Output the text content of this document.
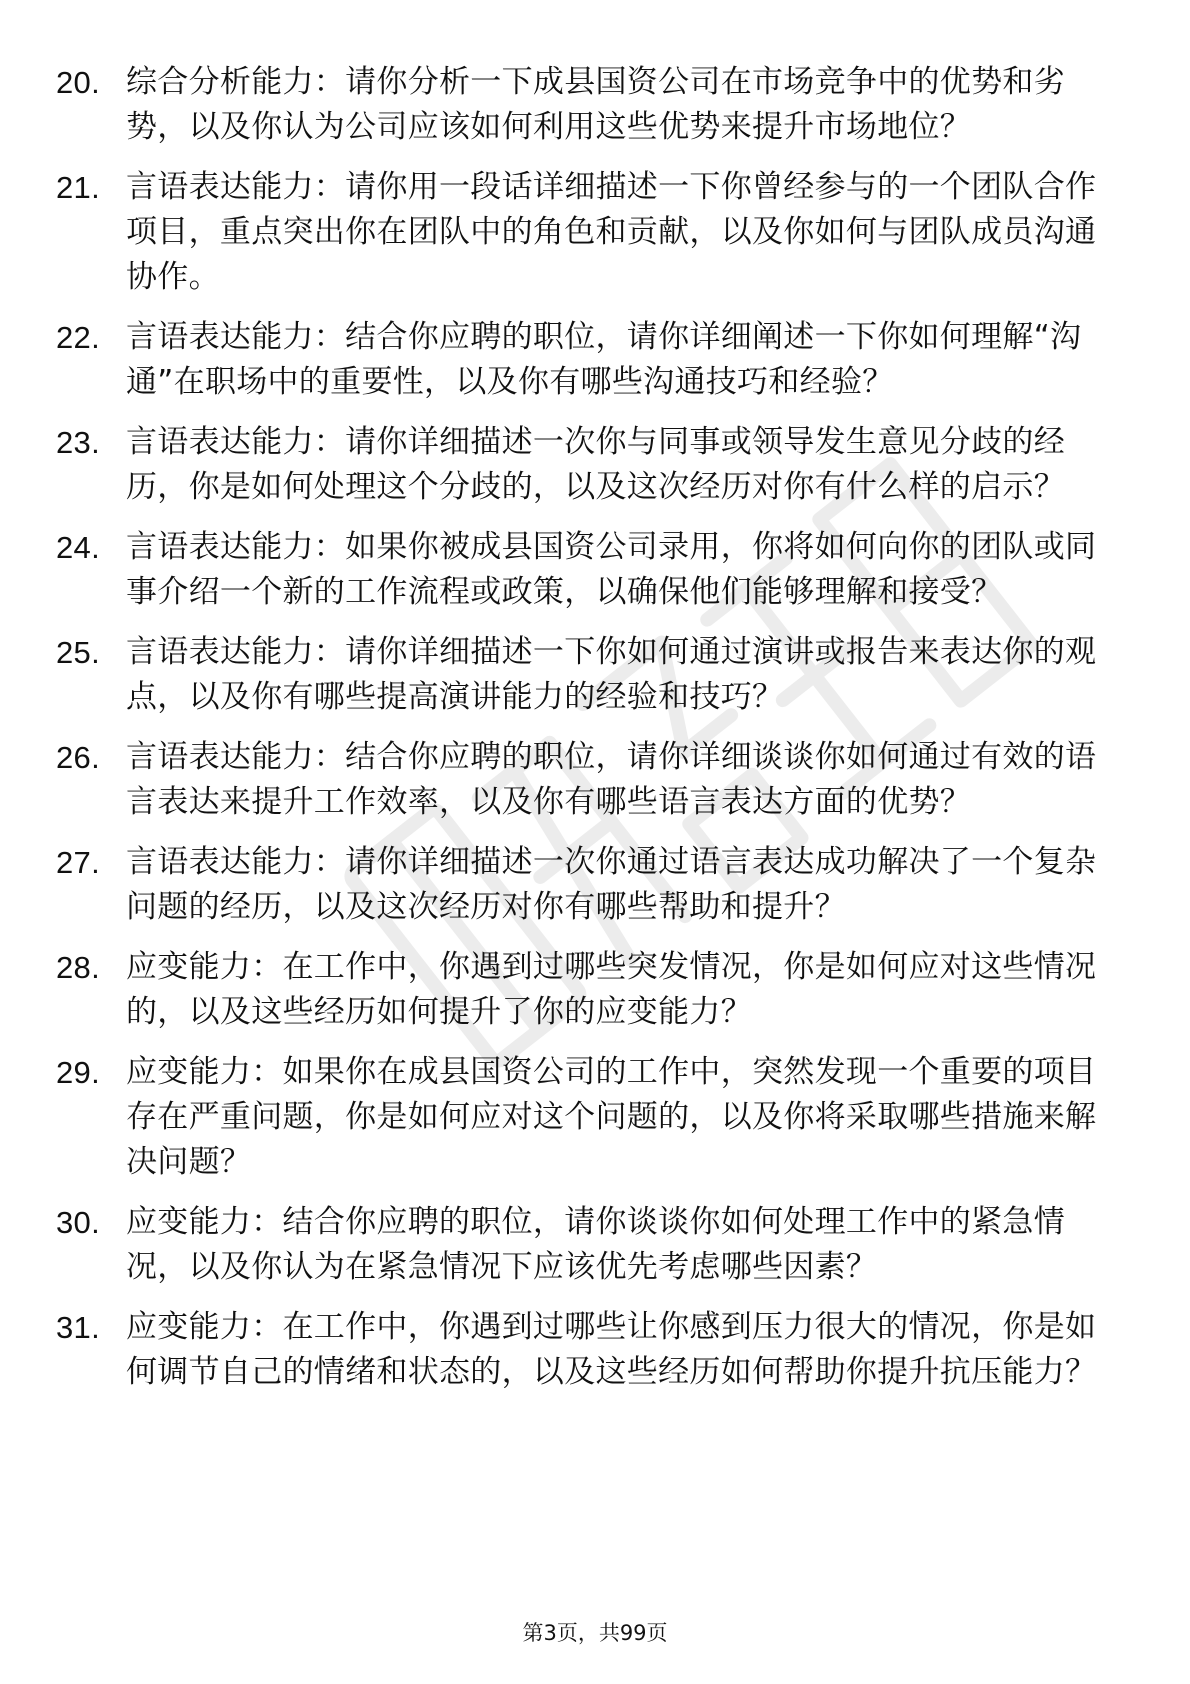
20. 综合分析能力：请你分析一下成县国资公司在市场竞争中的优势和劣势，以及你认为公司应该如何利用这些优势来提升市场地位？
21. 言语表达能力：请你用一段话详细描述一下你曾经参与的一个团队合作项目，重点突出你在团队中的角色和贡献，以及你如何与团队成员沟通协作。
22. 言语表达能力：结合你应聘的职位，请你详细阐述一下你如何理解“沟通”在职场中的重要性，以及你有哪些沟通技巧和经验？
23. 言语表达能力：请你详细描述一次你与同事或领导发生意见分歧的经历，你是如何处理这个分歧的，以及这次经历对你有什么样的启示？
24. 言语表达能力：如果你被成县国资公司录用，你将如何向你的团队或同事介绍一个新的工作流程或政策，以确保他们能够理解和接受？
25. 言语表达能力：请你详细描述一下你如何通过演讲或报告来表达你的观点，以及你有哪些提高演讲能力的经验和技巧？
26. 言语表达能力：结合你应聘的职位，请你详细谈谈你如何通过有效的语言表达来提升工作效率，以及你有哪些语言表达方面的优势？
27. 言语表达能力：请你详细描述一次你通过语言表达成功解决了一个复杂问题的经历，以及这次经历对你有哪些帮助和提升？
28. 应变能力：在工作中，你遇到过哪些突发情况，你是如何应对这些情况的，以及这些经历如何提升了你的应变能力？
29. 应变能力：如果你在成县国资公司的工作中，突然发现一个重要的项目存在严重问题，你是如何应对这个问题的，以及你将采取哪些措施来解决问题？
30. 应变能力：结合你应聘的职位，请你谈谈你如何处理工作中的紧急情况，以及你认为在紧急情况下应该优先考虑哪些因素？
31. 应变能力：在工作中，你遇到过哪些让你感到压力很大的情况，你是如何调节自己的情绪和状态的，以及这些经历如何帮助你提升抗压能力？
第3页，共99页
